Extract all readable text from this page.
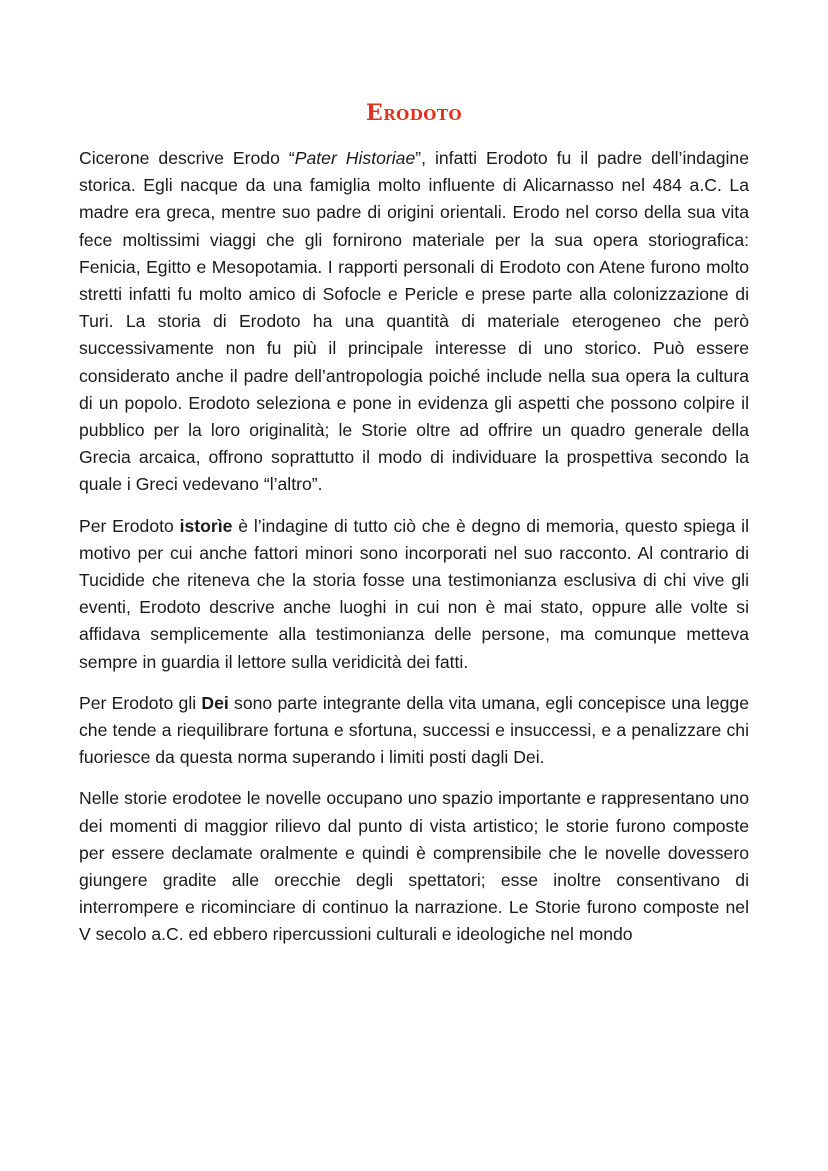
Erodoto

Cicerone descrive Erodo “Pater Historiae”, infatti Erodoto fu il padre dell’indagine storica. Egli nacque da una famiglia molto influente di Alicarnasso nel 484 a.C. La madre era greca, mentre suo padre di origini orientali. Erodo nel corso della sua vita fece moltissimi viaggi che gli fornirono materiale per la sua opera storiografica: Fenicia, Egitto e Mesopotamia. I rapporti personali di Erodoto con Atene furono molto stretti infatti fu molto amico di Sofocle e Pericle e prese parte alla colonizzazione di Turi. La storia di Erodoto ha una quantità di materiale eterogeneo che però successivamente non fu più il principale interesse di uno storico. Può essere considerato anche il padre dell’antropologia poiché include nella sua opera la cultura di un popolo. Erodoto seleziona e pone in evidenza gli aspetti che possono colpire il pubblico per la loro originalità; le Storie oltre ad offrire un quadro generale della Grecia arcaica, offrono soprattutto il modo di individuare la prospettiva secondo la quale i Greci vedevano “l’altro”.

Per Erodoto istorìe è l’indagine di tutto ciò che è degno di memoria, questo spiega il motivo per cui anche fattori minori sono incorporati nel suo racconto. Al contrario di Tucidide che riteneva che la storia fosse una testimonianza esclusiva di chi vive gli eventi, Erodoto descrive anche luoghi in cui non è mai stato, oppure alle volte si affidava semplicemente alla testimonianza delle persone, ma comunque metteva sempre in guardia il lettore sulla veridicità dei fatti.

Per Erodoto gli Dei sono parte integrante della vita umana, egli concepisce una legge che tende a riequilibrare fortuna e sfortuna, successi e insuccessi, e a penalizzare chi fuoriesce da questa norma superando i limiti posti dagli Dei.

Nelle storie erodotee le novelle occupano uno spazio importante e rappresentano uno dei momenti di maggior rilievo dal punto di vista artistico; le storie furono composte per essere declamate oralmente e quindi è comprensibile che le novelle dovessero giungere gradite alle orecchie degli spettatori; esse inoltre consentivano di interrompere e ricominciare di continuo la narrazione. Le Storie furono composte nel V secolo a.C. ed ebbero ripercussioni culturali e ideologiche nel mondo
